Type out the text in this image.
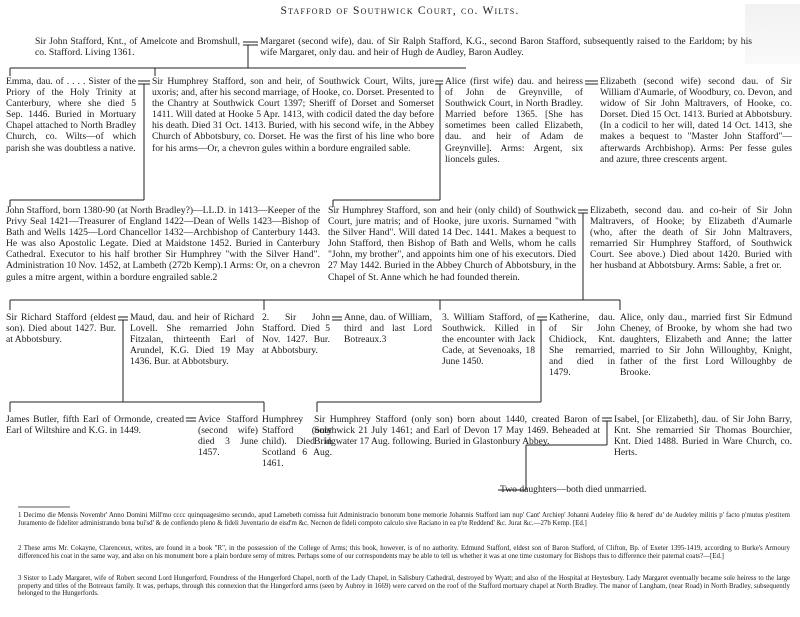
Stafford of Southwick Court, co. Wilts.
Sir John Stafford, Knt., of Amelcote and Bromshull, co. Stafford. Living 1361.
Margaret (second wife), dau. of Sir Ralph Stafford, K.G., second Baron Stafford, subsequently raised to the Earldom; by his wife Margaret, only dau. and heir of Hugh de Audley, Baron Audley.
Emma, dau. of . . . . Sister of the Priory of the Holy Trinity at Canterbury, where she died 5 Sep. 1446. Buried in Mortuary Chapel attached to North Bradley Church, co. Wilts—of which parish she was doubtless a native.
Sir Humphrey Stafford, son and heir, of Southwick Court, Wilts, jure uxoris; and, after his second marriage, of Hooke, co. Dorset. Presented to the Chantry at Southwick Court 1397; Sheriff of Dorset and Somerset 1411. Will dated at Hooke 5 Apr. 1413, with codicil dated the day before his death. Died 31 Oct. 1413. Buried, with his second wife, in the Abbey Church of Abbotsbury, co. Dorset. He was the first of his line who bore for his arms—Or, a chevron gules within a bordure engrailed sable.
Alice (first wife) dau. and heiress of John de Greynville, of Southwick Court, in North Bradley. Married before 1365. [She has sometimes been called Elizabeth, dau. and heir of Adam de Greynville]. Arms: Argent, six lioncels gules.
Elizabeth (second wife) second dau. of Sir William d'Aumarle, of Woodbury, co. Devon, and widow of Sir John Maltravers, of Hooke, co. Dorset. Died 15 Oct. 1413. Buried at Abbotsbury. (In a codicil to her will, dated 14 Oct. 1413, she makes a bequest to "Master John Stafford"—afterwards Archbishop). Arms: Per fesse gules and azure, three crescents argent.
John Stafford, born 1380-90 (at North Bradley?)—LL.D. in 1413—Keeper of the Privy Seal 1421—Treasurer of England 1422—Dean of Wells 1423—Bishop of Bath and Wells 1425—Lord Chancellor 1432—Archbishop of Canterbury 1443. He was also Apostolic Legate. Died at Maidstone 1452. Buried in Canterbury Cathedral. Executor to his half brother Sir Humphrey "with the Silver Hand". Administration 10 Nov. 1452, at Lambeth (272b Kemp).1 Arms: Or, on a chevron gules a mitre argent, within a bordure engrailed sable.2
Sir Humphrey Stafford, son and heir (only child) of Southwick Court, jure matris; and of Hooke, jure uxoris. Surnamed "with the Silver Hand". Will dated 14 Dec. 1441. Makes a bequest to John Stafford, then Bishop of Bath and Wells, whom he calls "John, my brother", and appoints him one of his executors. Died 27 May 1442. Buried in the Abbey Church of Abbotsbury, in the Chapel of St. Anne which he had founded therein.
Elizabeth, second dau. and co-heir of Sir John Maltravers, of Hooke; by Elizabeth d'Aumarle (who, after the death of Sir John Maltravers, remarried Sir Humphrey Stafford, of Southwick Court. See above.) Died about 1420. Buried with her husband at Abbotsbury. Arms: Sable, a fret or.
Sir Richard Stafford (eldest son). Died about 1427. Bur. at Abbotsbury.
Maud, dau. and heir of Richard Lovell. She remarried John Fitzalan, thirteenth Earl of Arundel, K.G. Died 19 May 1436. Bur. at Abbotsbury.
2. Sir John Stafford. Died 5 Nov. 1427. Bur. at Abbotsbury.
Anne, dau. of William, third and last Lord Botreaux.3
3. William Stafford, of Southwick. Killed in the encounter with Jack Cade, at Sevenoaks, 18 June 1450.
Katherine, dau. of Sir John Chidiock, Knt. She remarried, and died in 1479.
Alice, only dau., married first Sir Edmund Cheney, of Brooke, by whom she had two daughters, Elizabeth and Anne; the latter married to Sir John Willoughby, Knight, father of the first Lord Willoughby de Brooke.
James Butler, fifth Earl of Ormonde, created Earl of Wiltshire and K.G. in 1449.
Avice Stafford (second wife) died 3 June 1457.
Humphrey Stafford (only child). Died in Scotland 6 Aug. 1461.
Sir Humphrey Stafford (only son) born about 1440, created Baron of Southwick 21 July 1461; and Earl of Devon 17 May 1469. Beheaded at Bridgwater 17 Aug. following. Buried in Glastonbury Abbey.
Isabel, [or Elizabeth], dau. of Sir John Barry, Knt. She remarried Sir Thomas Bourchier, Knt. Died 1488. Buried in Ware Church, co. Herts.
Two daughters—both died unmarried.
1 Decimo die Mensis Novembr' Anno Domini Mill'mo cccc quinquagesimo secundo, apud Lamebeth comissa fuit Administracio bonorum bone memorie Johannis Stafford iam nup' Cant' Archiep' Johanni Audeley filio & hered' du' de Audeley militis p' facto p'mutus p'estitem Juramento de fideliter administrando bona bui'sd' & de confiendo pleno & fideli Juventario de eisd'm &c. Necnon de fideli compoto calculo sive Raciano in ea p'te Reddend' &c. Jurat &c.—27b Kemp. [Ed.]
2 These arms Mr. Cokayne, Clarenceux, writes, are found in a book "R", in the possession of the College of Arms; this book, however, is of no authority. Edmund Stafford, eldest son of Baron Stafford, of Clifton, Bp. of Exeter 1395-1419, according to Burke's Armoury differenced his coat in the same way, and also on his monument bore a plain bordure semy of mitres. Perhaps some of our correspondents may be able to tell us whether it was at one time customary for Bishops thus to difference their paternal coats?—[Ed.]
3 Sister to Lady Margaret, wife of Robert second Lord Hungerford, Foundress of the Hungerford Chapel, north of the Lady Chapel, in Salisbury Cathedral, destroyed by Wyatt; and also of the Hospital at Heytesbury. Lady Margaret eventually became sole heiress to the large property and titles of the Botreaux family. It was, perhaps, through this connexion that the Hungerford arms (seen by Aubrey in 1669) were carved on the roof of the Stafford mortuary chapel at North Bradley. The manor of Langham, (near Road) in North Bradley, subsequently belonged to the Hungerfords.
